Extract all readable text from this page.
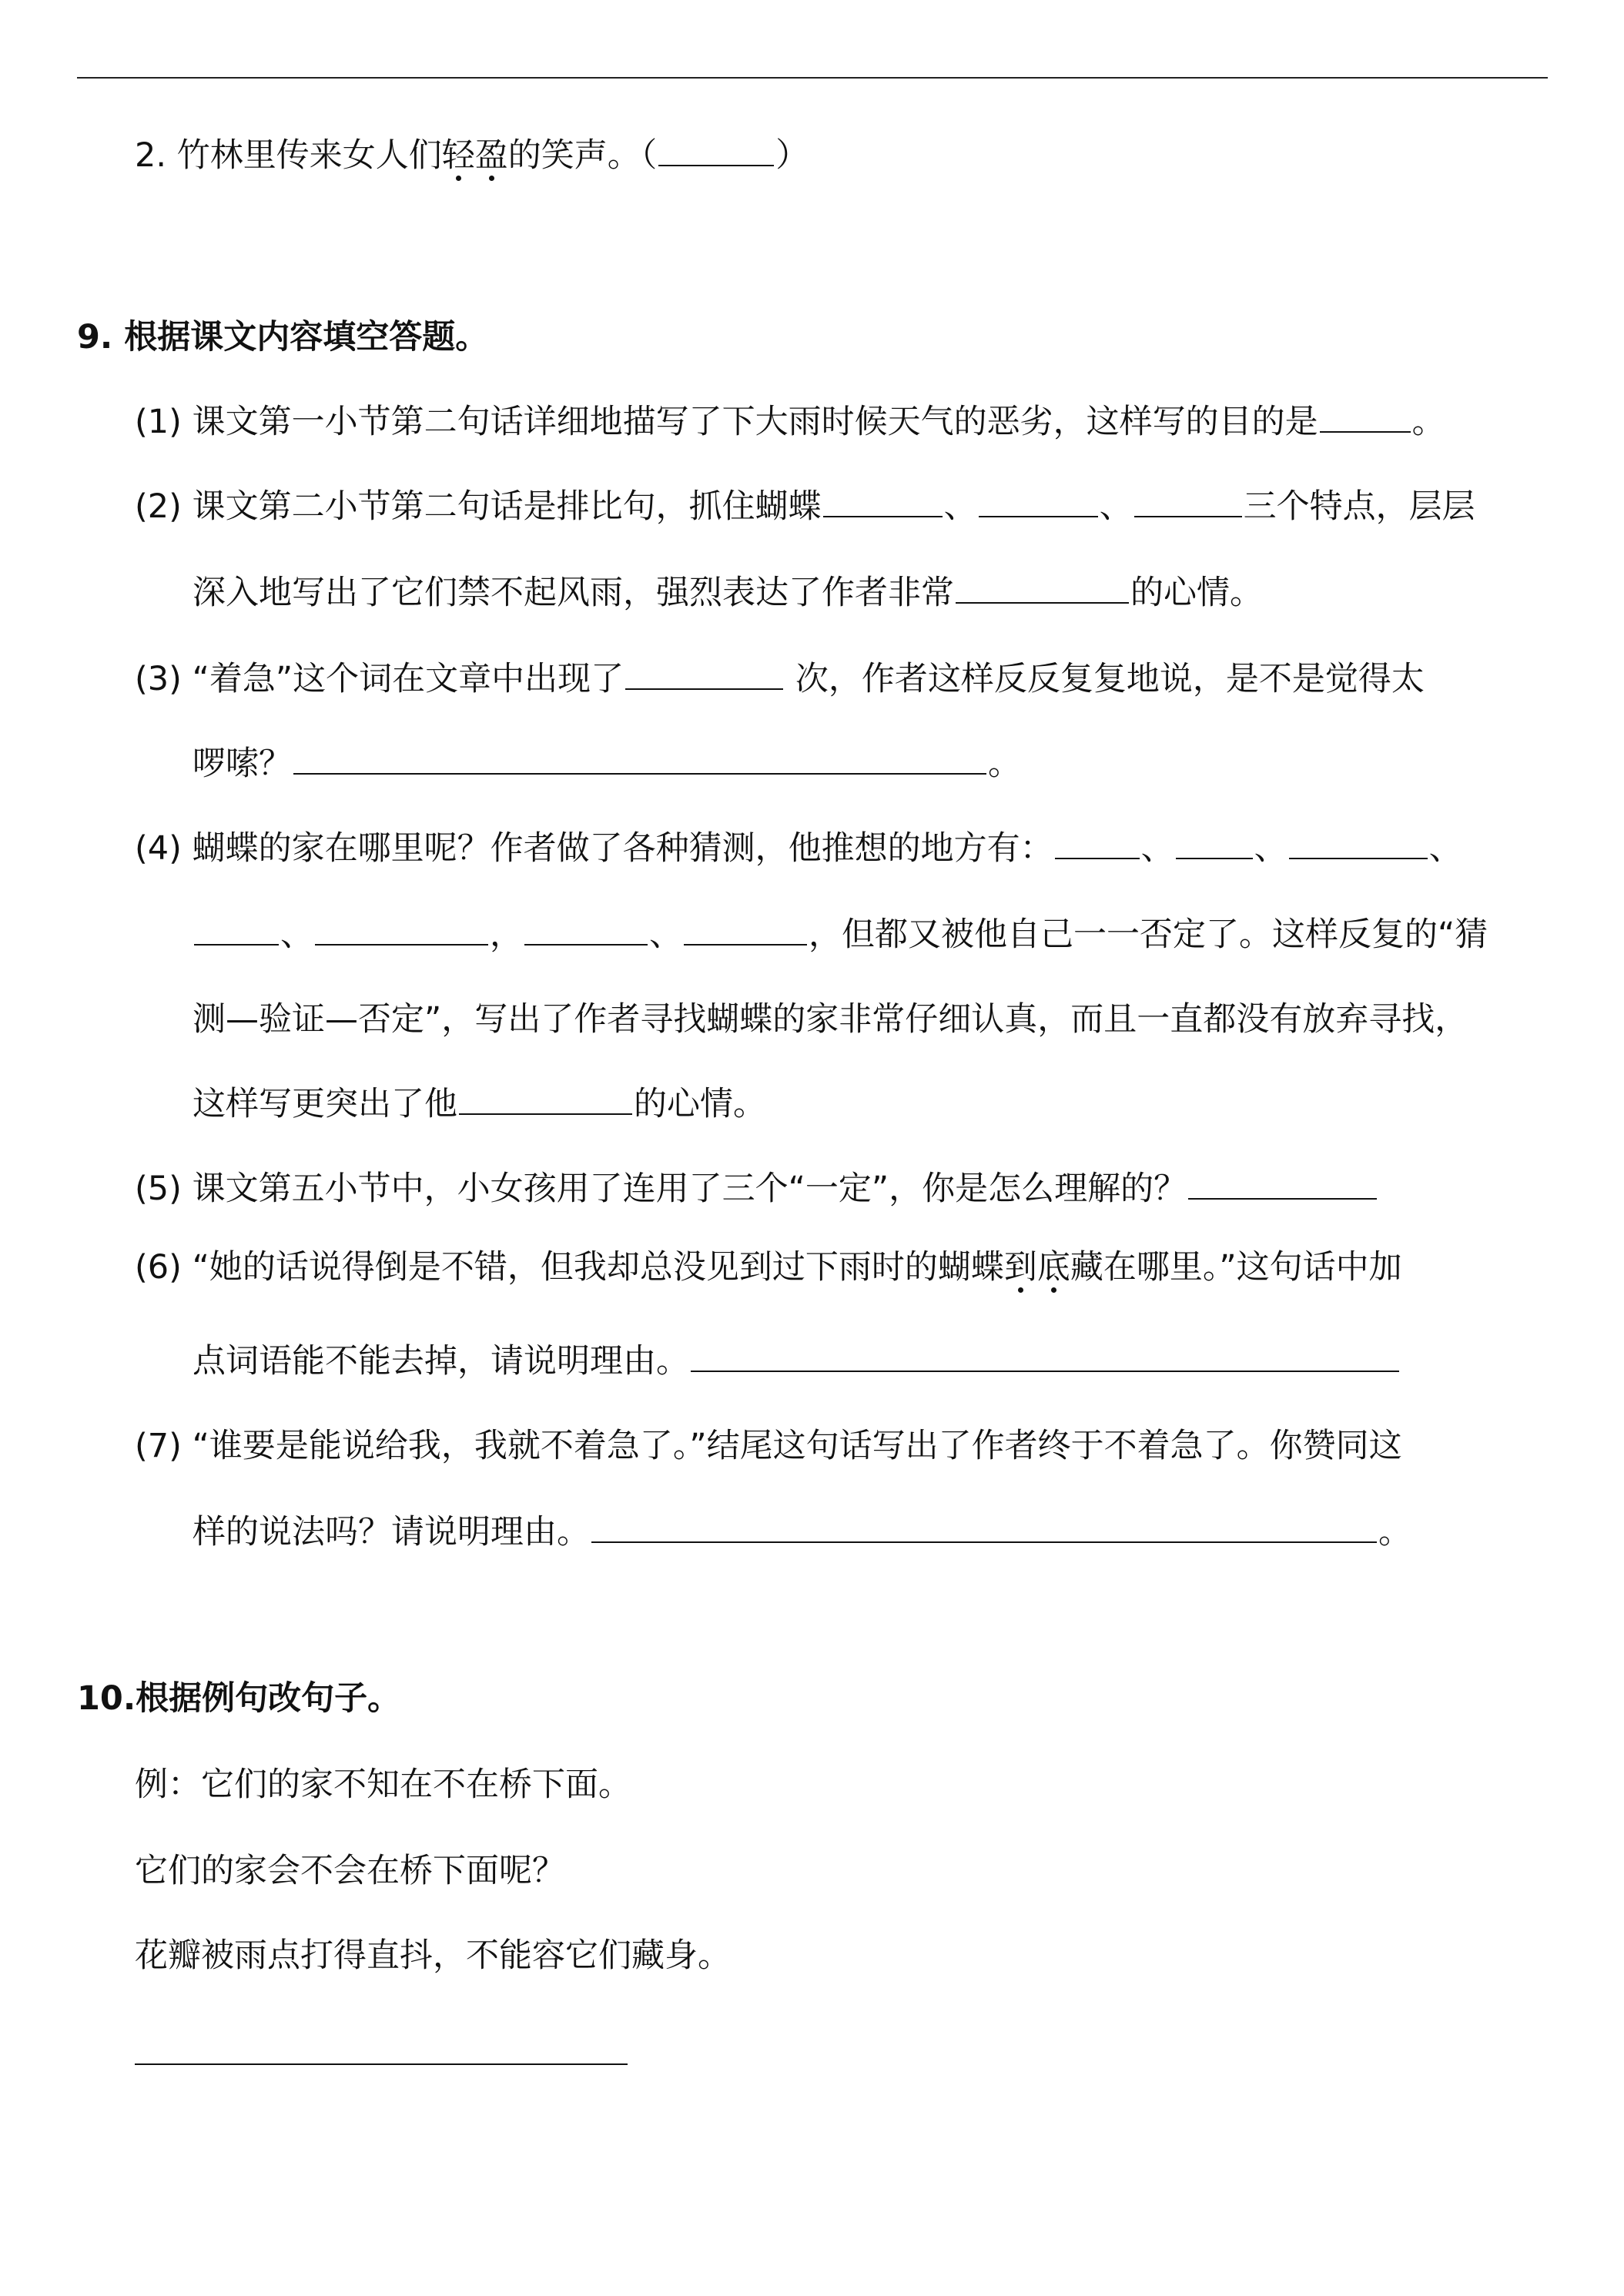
2. 竹林里传来女人们轻盈的笑声。（	）
9. 根据课文内容填空答题。
(1) 课文第一小节第二句话详细地描写了下大雨时候天气的恶劣，这样写的目的是	。
(2) 课文第二小节第二句话是排比句，抓住蝴蝶	、	、	三个特点，层层
深入地写出了它们禁不起风雨，强烈表达了作者非常	的心情。
(3) “着急”这个词在文章中出现了	次，作者这样反反复复地说，是不是觉得太
啰嗦？	。
(4) 蝴蝶的家在哪里呢？作者做了各种猜测，他推想的地方有：	、 、	、
、	，	、	，但都又被他自己一一否定了。这样反复的“猜
测—验证—否定”，写出了作者寻找蝴蝶的家非常仔细认真，而且一直都没有放弃寻找，
这样写更突出了他	的心情。
(5) 课文第五小节中，小女孩用了连用了三个“一定”，你是怎么理解的？
(6) “她的话说得倒是不错，但我却总没见到过下雨时的蝴蝶到底藏在哪里。”这句话中加
点词语能不能去掉，请说明理由。
(7) “谁要是能说给我，我就不着急了。”结尾这句话写出了作者终于不着急了。你赞同这
样的说法吗？请说明理由。	。
10.根据例句改句子。
例：它们的家不知在不在桥下面。
它们的家会不会在桥下面呢？
花瓣被雨点打得直抖，不能容它们藏身。
